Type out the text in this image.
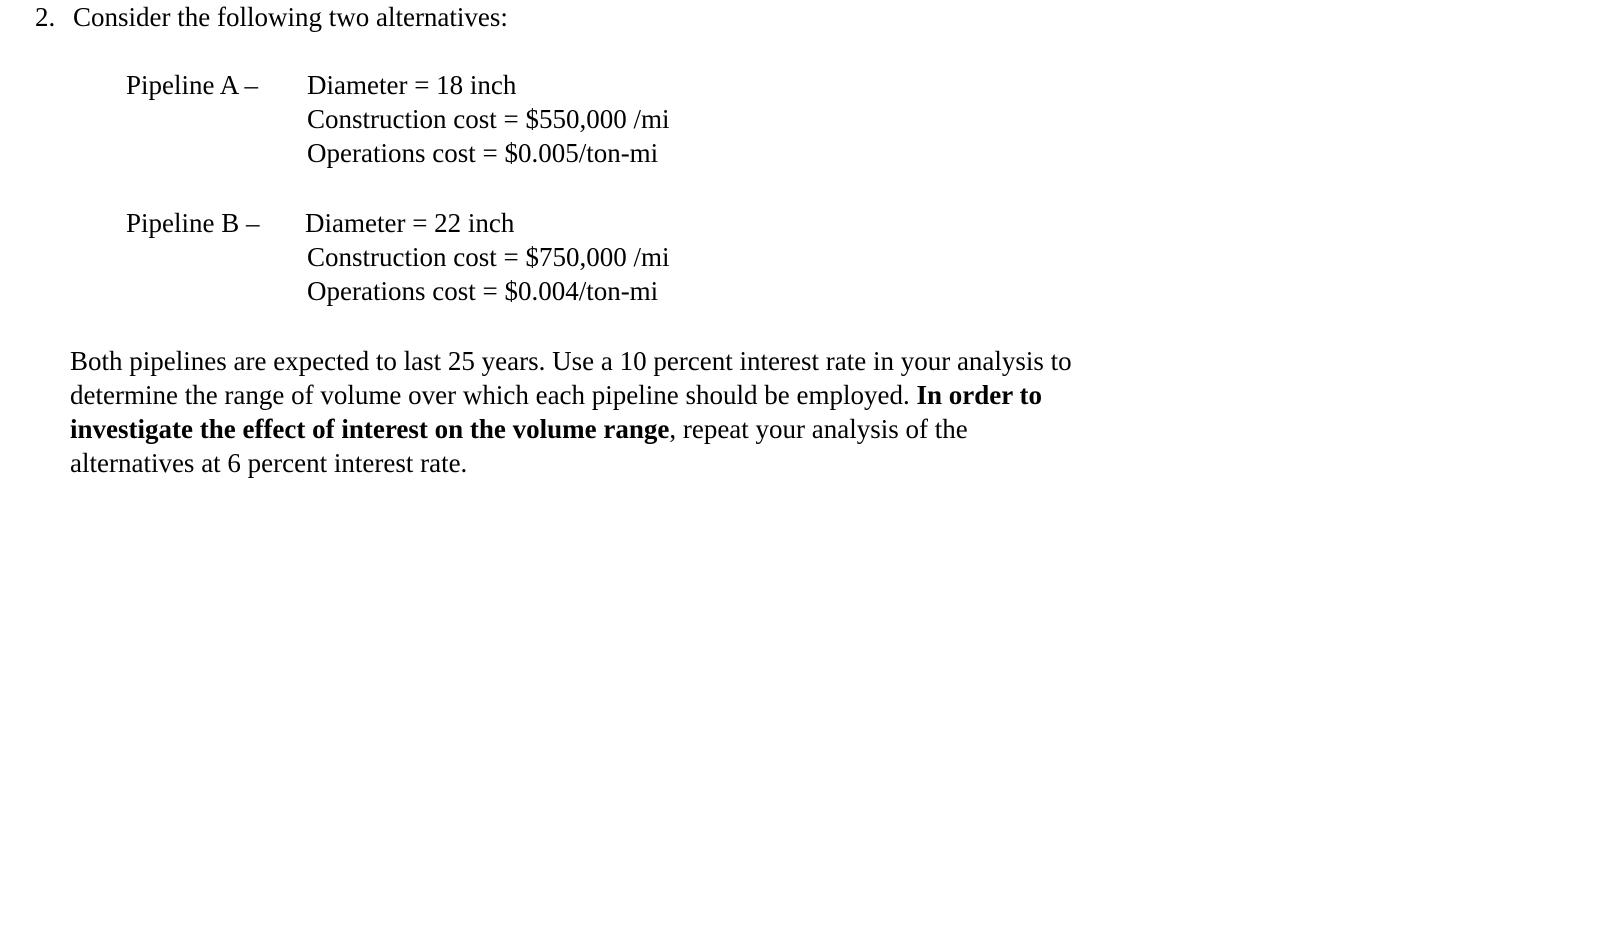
2. Consider the following two alternatives:
Pipeline A – Diameter = 18 inch
Construction cost = $550,000 /mi
Operations cost = $0.005/ton-mi
Pipeline B – Diameter = 22 inch
Construction cost = $750,000 /mi
Operations cost = $0.004/ton-mi
Both pipelines are expected to last 25 years. Use a 10 percent interest rate in your analysis to
determine the range of volume over which each pipeline should be employed. In order to
investigate the effect of interest on the volume range, repeat your analysis of the
alternatives at 6 percent interest rate.
